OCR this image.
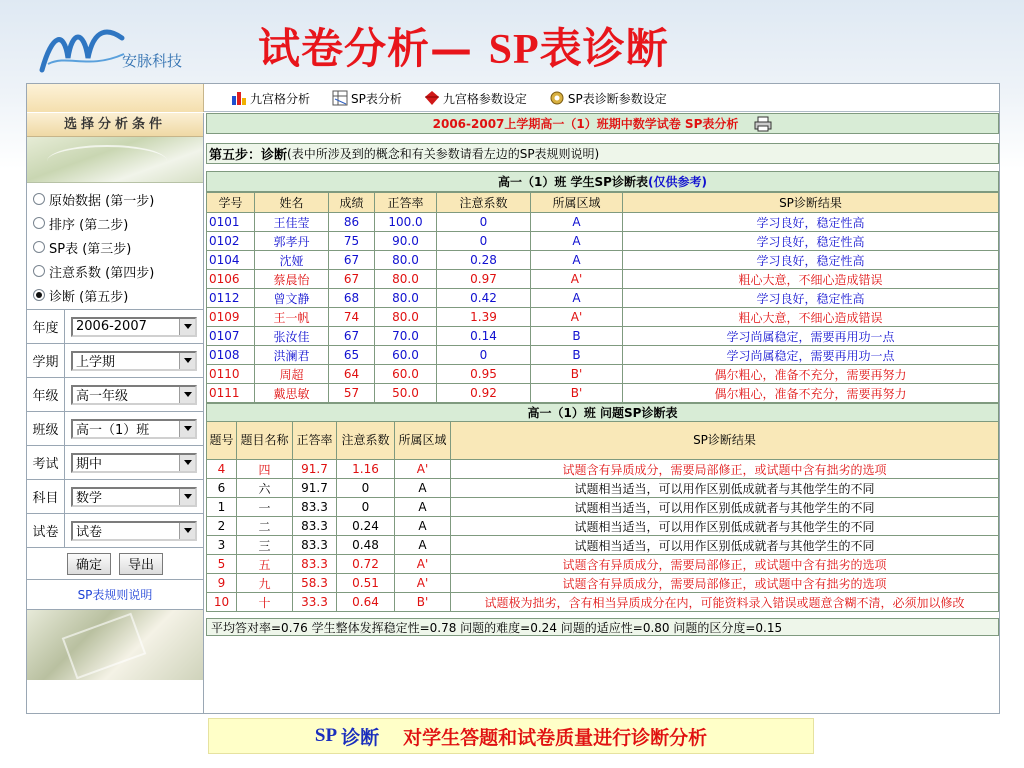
安脉科技 试卷分析— SP表诊断
九宫格分析	SP表分析	九宫格参数设定	SP表诊断参数设定
选择分析条件
原始数据 (第一步)
排序 (第二步)
SP表 (第三步)
注意系数 (第四步)
诊断 (第五步)
年度	2006-2007
学期	上学期
年级	高一年级
班级	高一（1）班
考试	期中
科目	数学
试卷	试卷
确定	导出
SP表规则说明
2006-2007上学期高一（1）班期中数学试卷 SP表分析
第五步：诊断 (表中所涉及到的概念和有关参数请看左边的SP表规则说明)
高一（1）班 学生SP诊断表 (仅供参考)
学号	姓名	成绩	正答率	注意系数	所属区域	SP诊断结果
0101	王佳莹	86	100.0	0	A	学习良好，稳定性高
0102	郭孝丹	75	90.0	0	A	学习良好，稳定性高
0104	沈娅	67	80.0	0.28	A	学习良好，稳定性高
0106	蔡晨怡	67	80.0	0.97	A'	粗心大意，不细心造成错误
0112	曾文静	68	80.0	0.42	A	学习良好，稳定性高
0109	王一帆	74	80.0	1.39	A'	粗心大意，不细心造成错误
0107	张汝佳	67	70.0	0.14	B	学习尚属稳定，需要再用功一点
0108	洪澜君	65	60.0	0	B	学习尚属稳定，需要再用功一点
0110	周超	64	60.0	0.95	B'	偶尔粗心，准备不充分，需要再努力
0111	戴思敏	57	50.0	0.92	B'	偶尔粗心，准备不充分，需要再努力
高一（1）班 问题SP诊断表					
题号	题目名称	正答率	注意系数	所属区域	SP诊断结果
4	四	91.7	1.16	A'	试题含有异质成分，需要局部修正，或试题中含有拙劣的选项
6	六	91.7	0	A	试题相当适当，可以用作区别低成就者与其他学生的不同
1	一	83.3	0	A	试题相当适当，可以用作区别低成就者与其他学生的不同
2	二	83.3	0.24	A	试题相当适当，可以用作区别低成就者与其他学生的不同
3	三	83.3	0.48	A	试题相当适当，可以用作区别低成就者与其他学生的不同
5	五	83.3	0.72	A'	试题含有异质成分，需要局部修正，或试题中含有拙劣的选项
9	九	58.3	0.51	A'	试题含有异质成分，需要局部修正，或试题中含有拙劣的选项
10	十	33.3	0.64	B'	试题极为拙劣，含有相当异质成分在内，可能资料录入错误或题意含糊不清，必须加以修改
平均答对率=0.76 学生整体发挥稳定性=0.78 问题的难度=0.24 问题的适应性=0.80 问题的区分度=0.15
SP 诊断 对学生答题和试卷质量进行诊断分析
